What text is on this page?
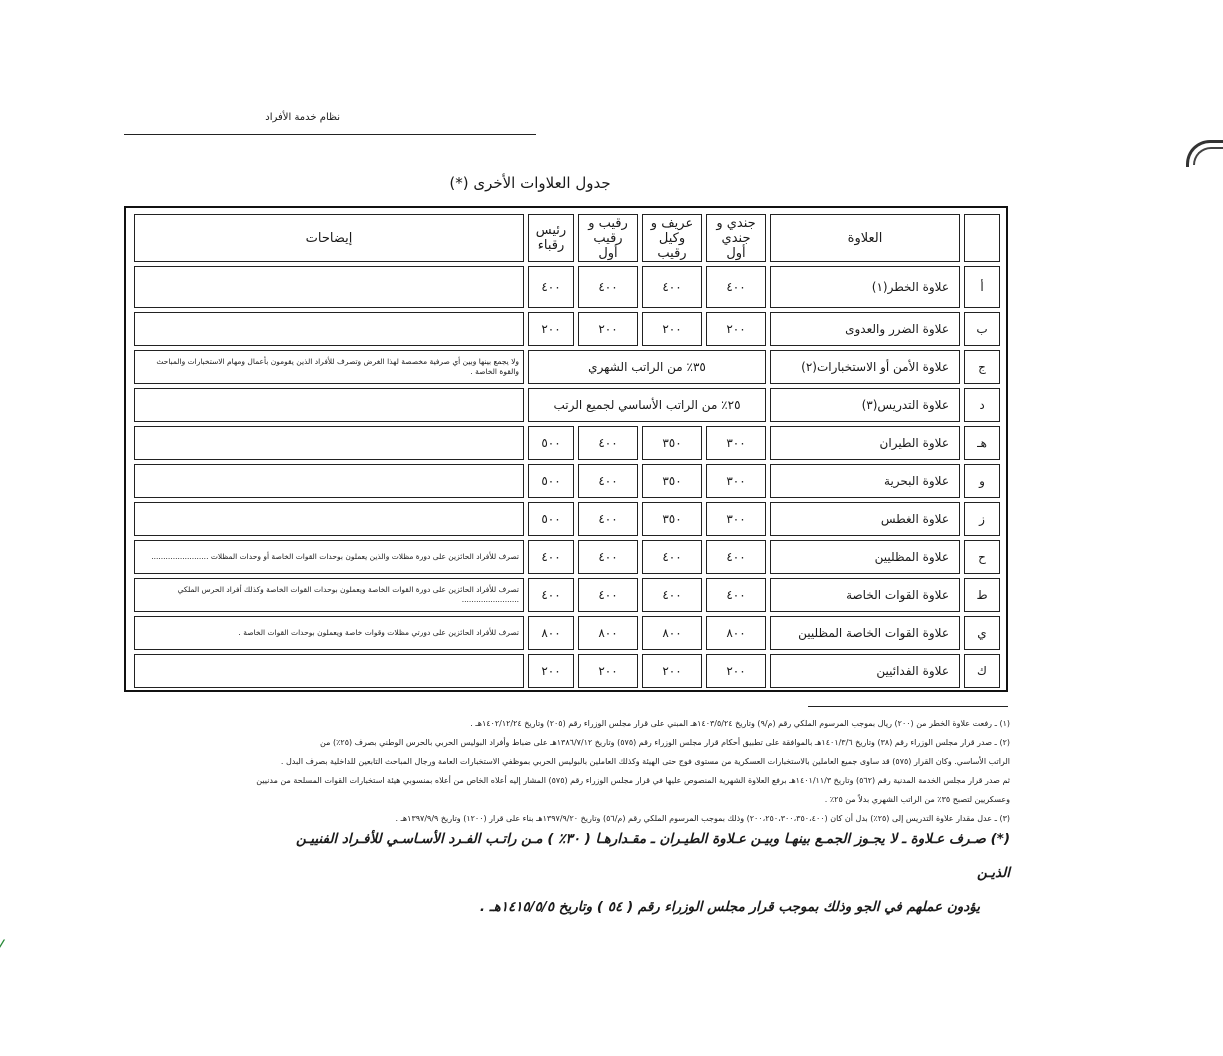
نظام خدمة الأفراد
جدول العلاوات الأخرى (*)
	العلاوة	جندي و جندي أول	عريف و وكيل رقيب	رقيب و رقيب أول	رئيس رقباء	إيضاحات
أ	علاوة الخطر(١)	٤٠٠	٤٠٠	٤٠٠	٤٠٠	
ب	علاوة الضرر والعدوى	٢٠٠	٢٠٠	٢٠٠	٢٠٠	
ج	علاوة الأمن أو الاستخبارات(٢)	٣٥٪ من الراتب الشهري				ولا يجمع بينها وبين أي صرفية مخصصة لهذا الغرض وتصرف للأفراد الذين يقومون بأعمال ومهام الاستخبارات والمباحث والقوة الخاصة .
د	علاوة التدريس(٣)	٢٥٪ من الراتب الأساسي لجميع الرتب				
هـ	علاوة الطيران	٣٠٠	٣٥٠	٤٠٠	٥٠٠	
و	علاوة البحرية	٣٠٠	٣٥٠	٤٠٠	٥٠٠	
ز	علاوة الغطس	٣٠٠	٣٥٠	٤٠٠	٥٠٠	
ح	علاوة المظليين	٤٠٠	٤٠٠	٤٠٠	٤٠٠	تصرف للأفراد الحائزين على دورة مظلات والذين يعملون بوحدات القوات الخاصة أو وحدات المظلات ........................
ط	علاوة القوات الخاصة	٤٠٠	٤٠٠	٤٠٠	٤٠٠	تصرف للأفراد الحائزين على دورة القوات الخاصة ويعملون بوحدات القوات الخاصة وكذلك أفراد الحرس الملكي ........................
ي	علاوة القوات الخاصة المظليين	٨٠٠	٨٠٠	٨٠٠	٨٠٠	تصرف للأفراد الحائزين على دورتي مظلات وقوات خاصة ويعملون بوحدات القوات الخاصة .
ك	علاوة الفدائيين	٢٠٠	٢٠٠	٢٠٠	٢٠٠	

(١) ـ رفعت علاوة الخطر من (٢٠٠) ريال بموجب المرسوم الملكي رقم (م/٩) وتاريخ ١٤٠٣/٥/٢٤هـ المبني على قرار مجلس الوزراء رقم (٢٠٥) وتاريخ ١٤٠٢/١٢/٢٤هـ .

(٢) ـ صدر قرار مجلس الوزراء رقم (٣٨) وتاريخ ١٤٠١/٣/٦هـ بالموافقة على تطبيق أحكام قرار مجلس الوزراء رقم (٥٧٥) وتاريخ ١٣٨٦/٧/١٢هـ على ضباط وأفراد البوليس الحربي بالحرس الوطني بصرف (٢٥٪) من

الراتب الأساسي. وكان القرار (٥٧٥) قد ساوى جميع العاملين بالاستخبارات العسكرية من مستوى فوج حتى الهيئة وكذلك العاملين بالبوليس الحربي بموظفي الاستخبارات العامة ورجال المباحث التابعين للداخلية بصرف البدل .

ثم صدر قرار مجلس الخدمة المدنية رقم (٥٦٢) وتاريخ ١٤٠١/١١/٣هـ برفع العلاوة الشهرية المنصوص عليها في قرار مجلس الوزراء رقم (٥٧٥) المشار إليه أعلاه الخاص من أعلاه بمنسوبي هيئة استخبارات القوات المسلحة من مدنيين

وعسكريين لتصبح ٣٥٪ من الراتب الشهري بدلاً من ٢٥٪ .

(٣) ـ عدل مقدار علاوة التدريس إلى (٢٥٪) بدل أن كان (٢٠٠،٢٥٠،٣٠٠،٣٥٠،٤٠٠) وذلك بموجب المرسوم الملكي رقم (م/٥٦) وتاريخ ١٣٩٧/٩/٢٠هـ بناء على قرار (١٢٠٠) وتاريخ ١٣٩٧/٩/٩هـ .

(*) صـرف عـلاوة ـ لا يجـوز الجمـع بينهـا وبيـن عـلاوة الطيـران ـ مقـدارهـا ( ٣٠٪ ) مـن راتـب الفـرد الأسـاسـي للأفـراد الفنييـن الذيـن

يؤدون عملهم في الجو وذلك بموجب قرار مجلس الوزراء رقم ( ٥٤ ) وتاريخ ١٤١٥/٥/٥هـ .

⁄
